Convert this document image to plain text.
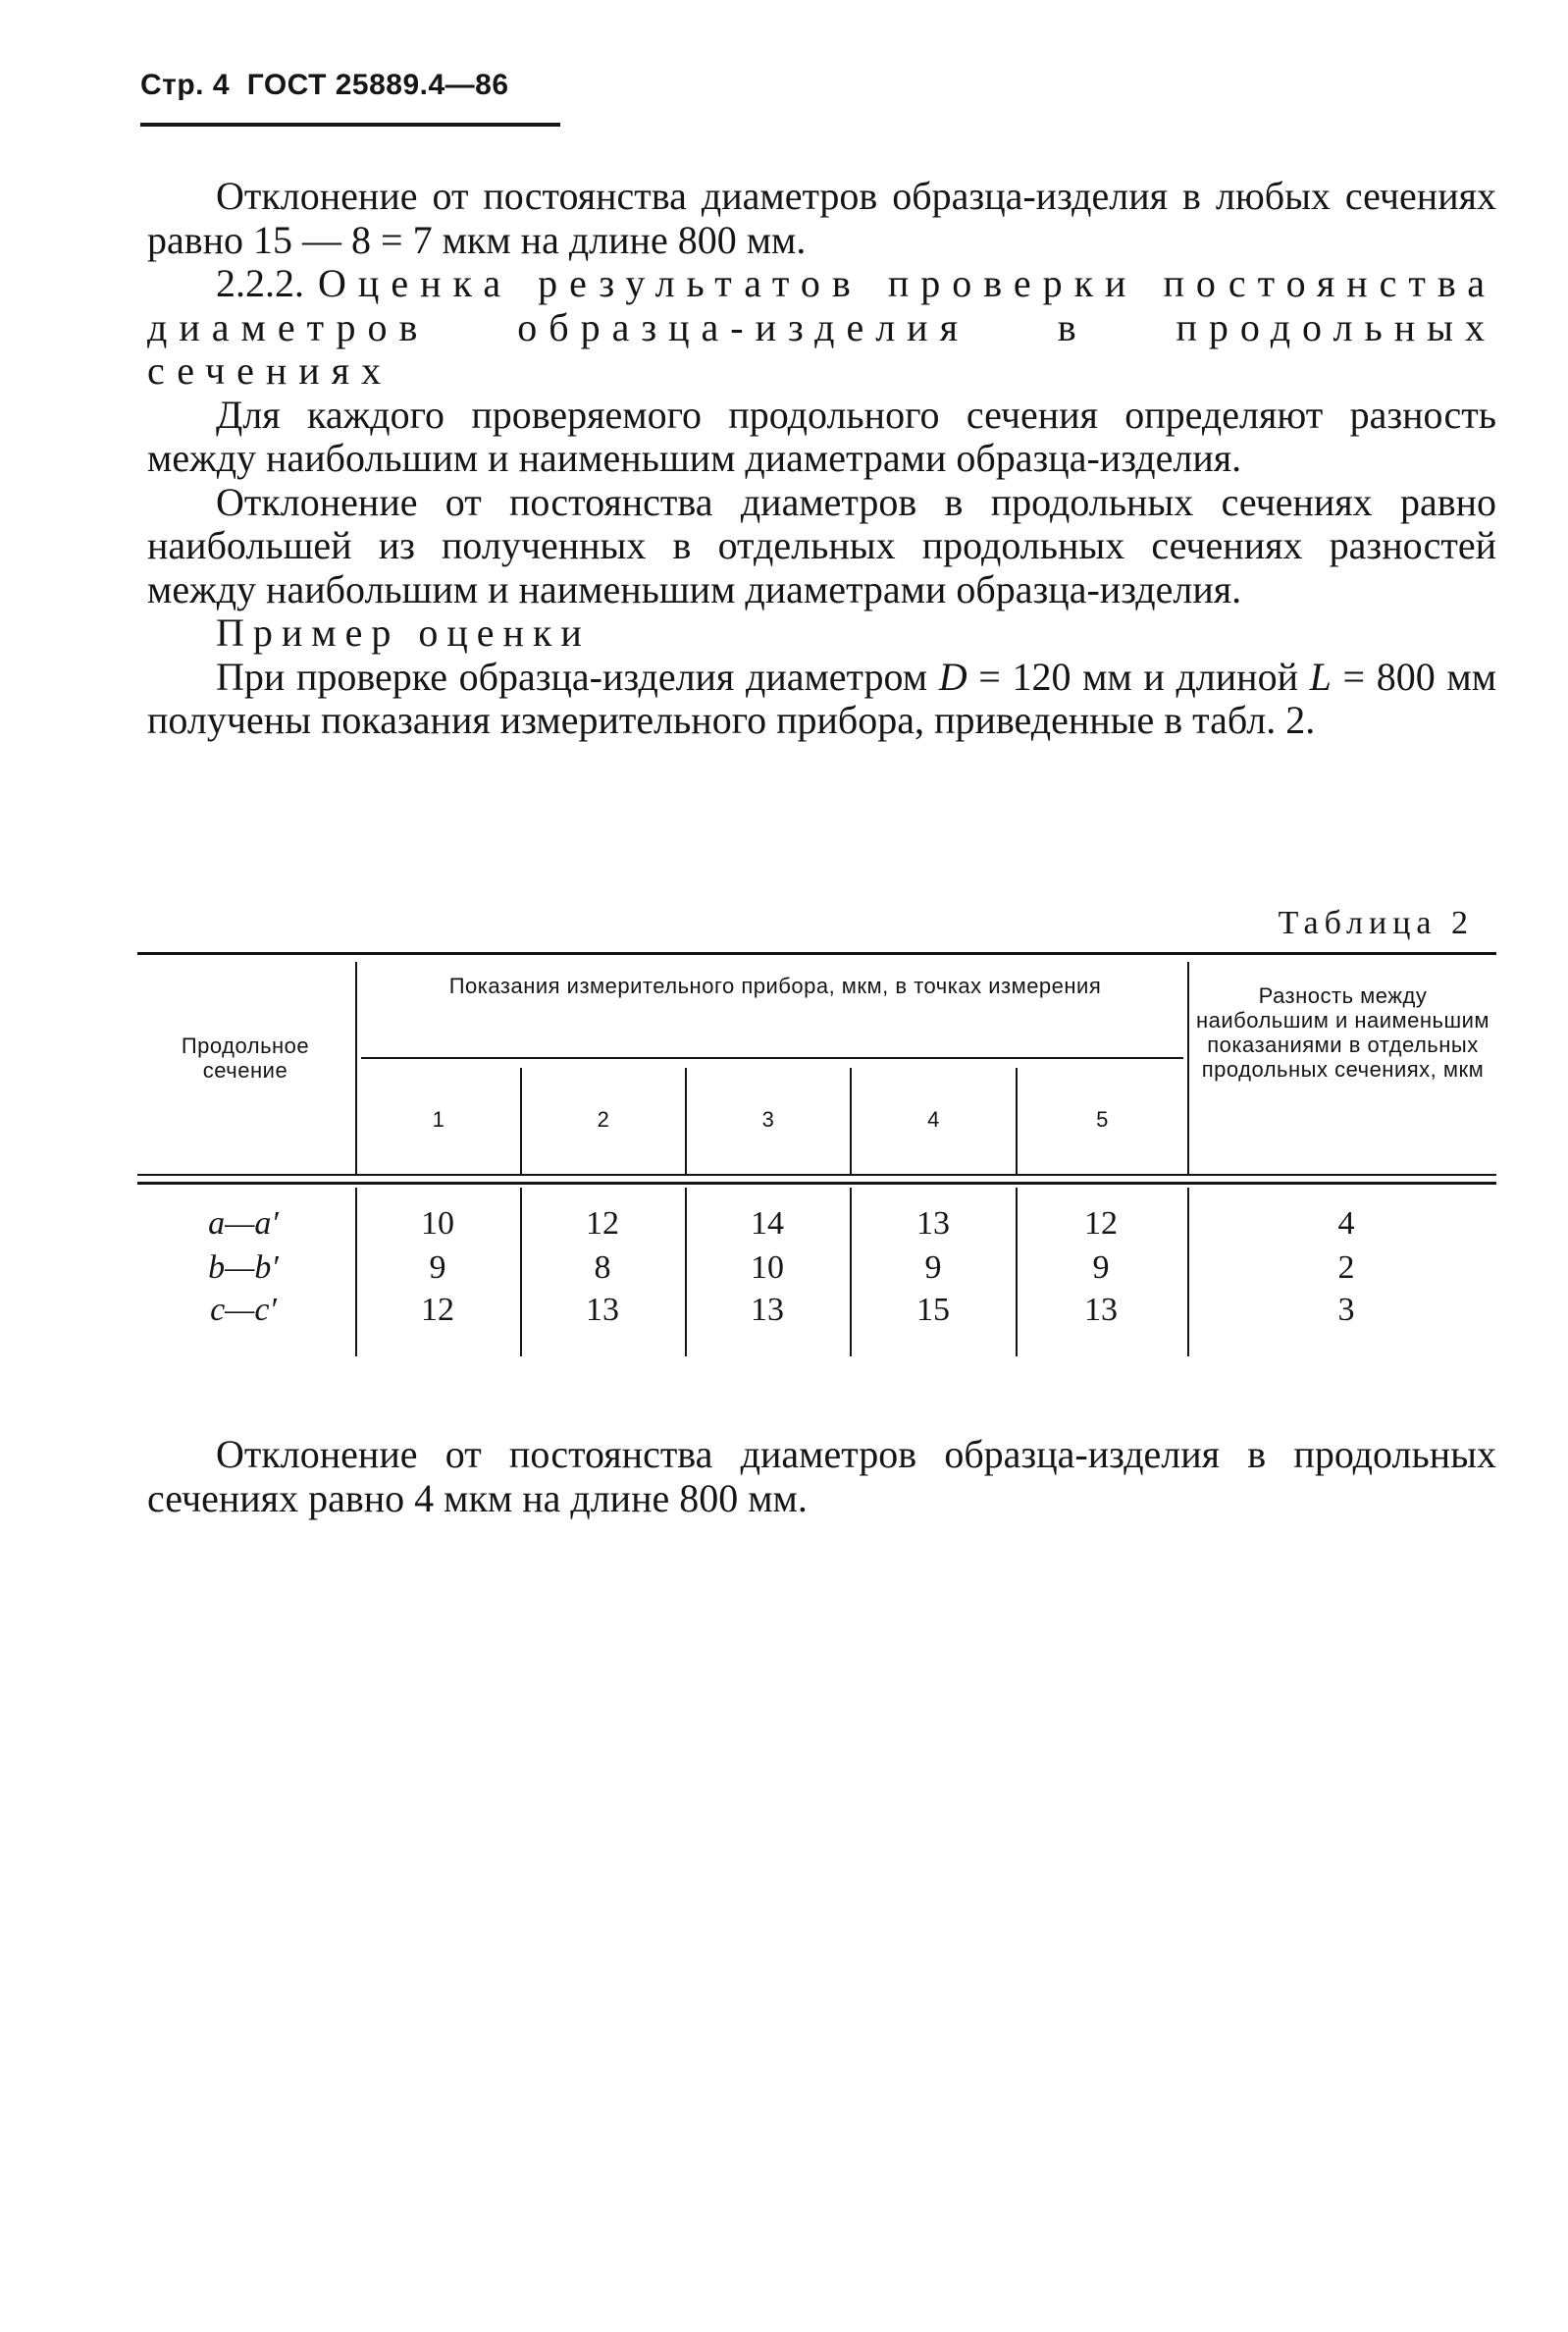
Стр. 4 ГОСТ 25889.4—86

Отклонение от постоянства диаметров образца-изделия в любых сечениях равно 15 — 8 = 7 мкм на длине 800 мм.

2.2.2. Оценка результатов проверки постоянства диаметров образца-изделия в продольных сечениях

Для каждого проверяемого продольного сечения определяют разность между наибольшим и наименьшим диаметрами образца-изделия.

Отклонение от постоянства диаметров в продольных сечениях равно наибольшей из полученных в отдельных продольных сечениях разностей между наибольшим и наименьшим диаметрами образца-изделия.

Пример оценки

При проверке образца-изделия диаметром D = 120 мм и длиной L = 800 мм получены показания измерительного прибора, приведенные в табл. 2.

Таблица 2
Продольное сечение
Показания измерительного прибора, мкм, в точках измерения
1	2	3	4	5
Разность между наибольшим и наименьшим показаниями в отдельных продольных сечениях, мкм
a—a′	10	12	14	13	12	4
b—b′	9	8	10	9	9	2
c—c′	12	13	13	15	13	3

Отклонение от постоянства диаметров образца-изделия в продольных сечениях равно 4 мкм на длине 800 мм.
